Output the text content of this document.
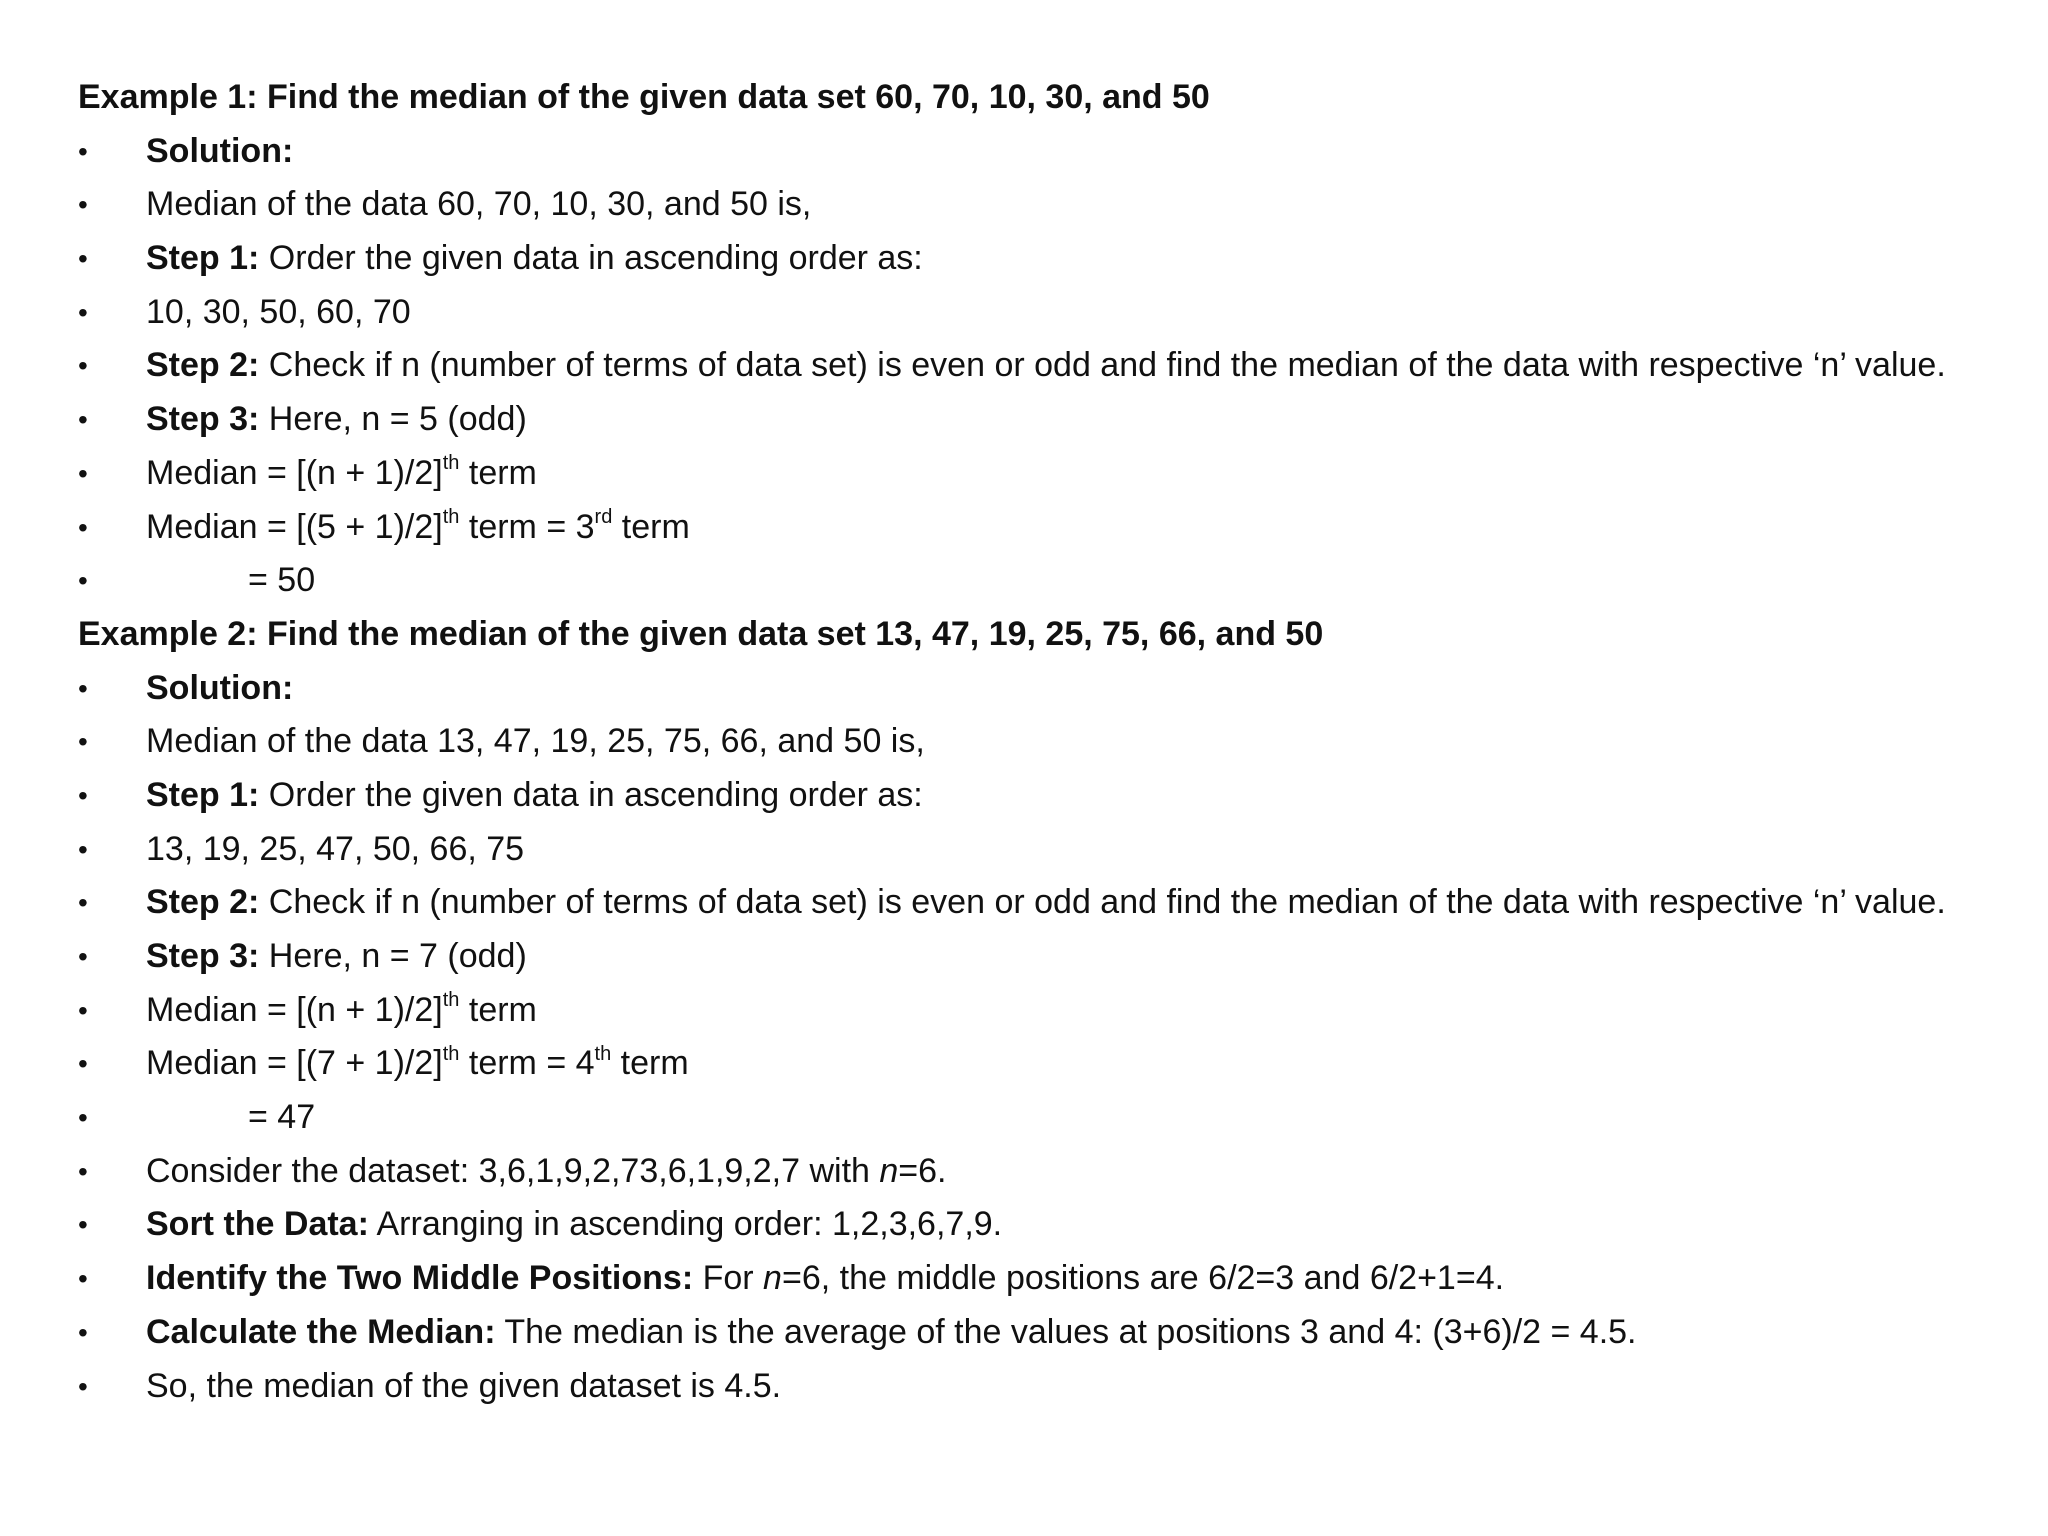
Example 1: Find the median of the given data set 60, 70, 10, 30, and 50
• Solution:
• Median of the data 60, 70, 10, 30, and 50 is,
• Step 1: Order the given data in ascending order as:
• 10, 30, 50, 60, 70
• Step 2: Check if n (number of terms of data set) is even or odd and find the median of the data with respective ‘n’ value.
• Step 3: Here, n = 5 (odd)
• Median = $[(n + 1)/2]^{th}$ term
• Median = $[(5 + 1)/2]^{th}$ term = 3rd term
•	= 50
Example 2: Find the median of the given data set 13, 47, 19, 25, 75, 66, and 50
• Solution:
• Median of the data 13, 47, 19, 25, 75, 66, and 50 is,
• Step 1: Order the given data in ascending order as:
• 13, 19, 25, 47, 50, 66, 75
• Step 2: Check if n (number of terms of data set) is even or odd and find the median of the data with respective ‘n’ value.
• Step 3: Here, n = 7 (odd)
• Median = $[(n + 1)/2]^{th}$ term
• Median = $[(7 + 1)/2]^{th}$ term = 4th term
•	= 47
• Consider the dataset: 3,6,1,9,2,73,6,1,9,2,7 with n=6.
• Sort the Data: Arranging in ascending order: 1,2,3,6,7,9.
• Identify the Two Middle Positions: For n=6, the middle positions are 6/2=3 and 6/2+1=4.
• Calculate the Median: The median is the average of the values at positions 3 and 4: (3+6)/2 = 4.5.
• So, the median of the given dataset is 4.5.
